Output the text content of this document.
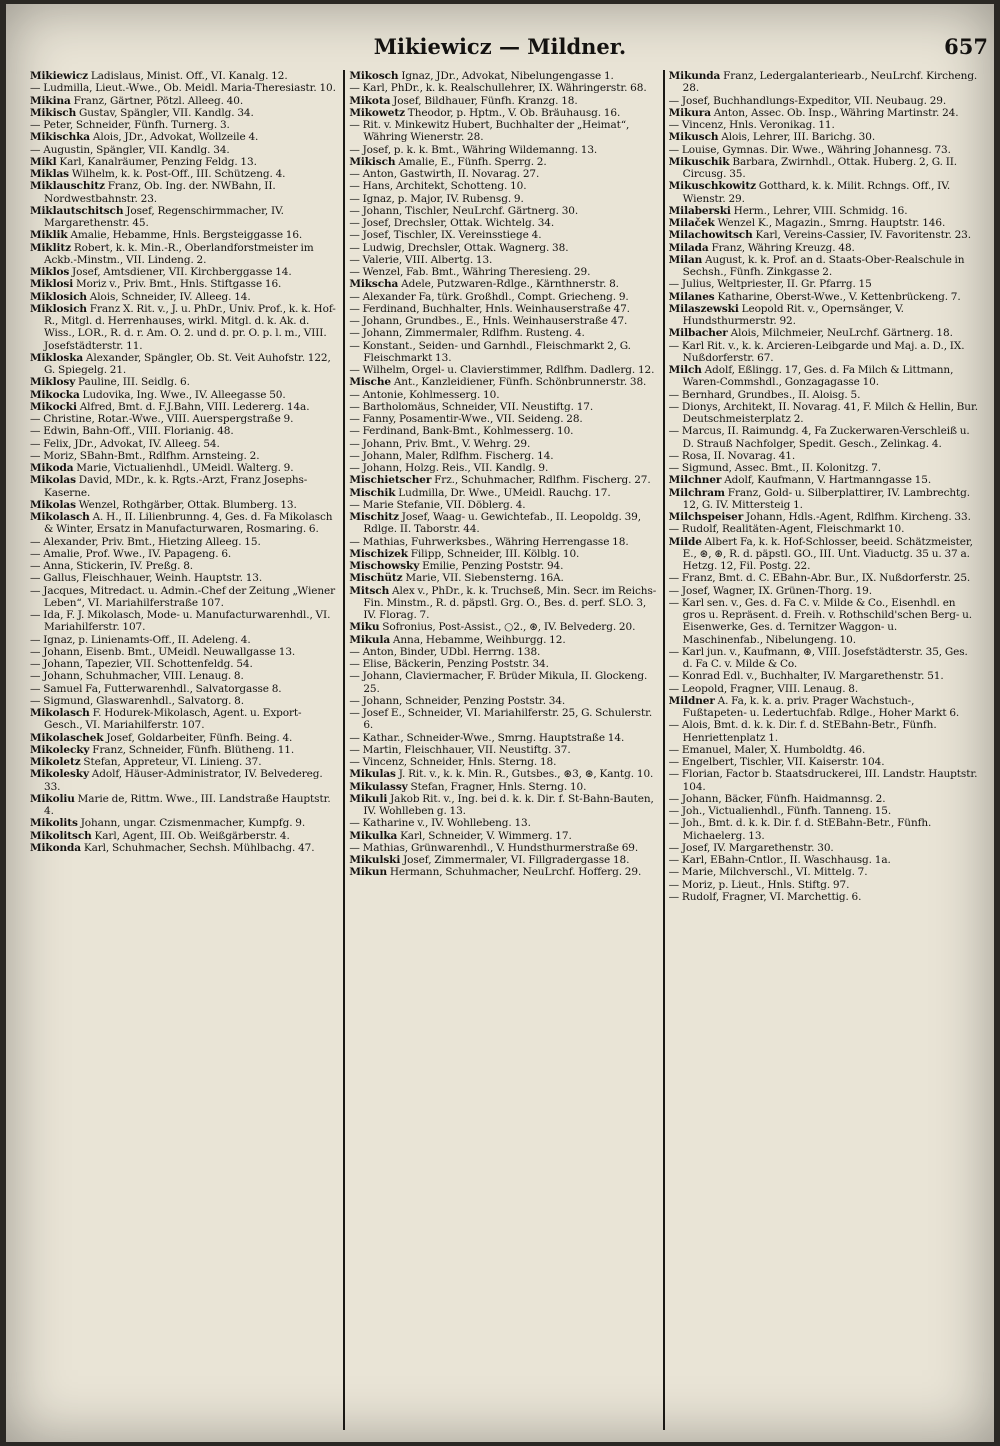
Mikiewicz — Mildner.	657
Mikiewicz Ladislaus, Minist. Off., VI. Kanalg. 12.
— Ludmilla, Lieut.-Wwe., Ob. Meidl. Maria-Theresiastr. 10.
Mikina Franz, Gärtner, Pötzl. Alleeg. 40.
Mikisch Gustav, Spängler, VII. Kandlg. 34.
— Peter, Schneider, Fünfh. Turnerg. 3.
Mikischka Alois, JDr., Advokat, Wollzeile 4.
— Augustin, Spängler, VII. Kandlg. 34.
Mikl Karl, Kanalräumer, Penzing Feldg. 13.
Miklas Wilhelm, k. k. Post-Off., III. Schützeng. 4.
Miklauschitz Franz, Ob. Ing. der. NWBahn, II. Nordwestbahnstr. 23.
Miklautschitsch Josef, Regenschirmmacher, IV. Margarethenstr. 45.
Miklik Amalie, Hebamme, Hnls. Bergsteiggasse 16.
Miklitz Robert, k. k. Min.-R., Oberlandforstmeister im Ackb.-Minstm., VII. Lindeng. 2.
Miklos Josef, Amtsdiener, VII. Kirchberggasse 14.
Miklosi Moriz v., Priv. Bmt., Hnls. Stiftgasse 16.
Miklosich Alois, Schneider, IV. Alleeg. 14.
Miklosich Franz X. Rit. v., J. u. PhDr., Univ. Prof., k. k. Hof-R., Mitgl. d. Herrenhauses, wirkl. Mitgl. d. k. Ak. d. Wiss., LOR., R. d. r. Am. O. 2. und d. pr. O. p. l. m., VIII. Josefstädterstr. 11.
Mikloska Alexander, Spängler, Ob. St. Veit Auhofstr. 122, G. Spiegelg. 21.
Miklosy Pauline, III. Seidlg. 6.
Mikocka Ludovika, Ing. Wwe., IV. Alleegasse 50.
Mikocki Alfred, Bmt. d. F.J.Bahn, VIII. Ledererg. 14a.
— Christine, Rotar.-Wwe., VIII. Auerspergstraße 9.
— Edwin, Bahn-Off., VIII. Florianig. 48.
— Felix, JDr., Advokat, IV. Alleeg. 54.
— Moriz, SBahn-Bmt., Rdlfhm. Arnsteing. 2.
Mikoda Marie, Victualienhdl., UMeidl. Walterg. 9.
Mikolas David, MDr., k. k. Rgts.-Arzt, Franz Josephs-Kaserne.
Mikolas Wenzel, Rothgärber, Ottak. Blumberg. 13.
Mikolasch A. H., II. Lilienbrunng. 4, Ges. d. Fa Mikolasch & Winter, Ersatz in Manufacturwaren, Rosmaring. 6.
— Alexander, Priv. Bmt., Hietzing Alleeg. 15.
— Amalie, Prof. Wwe., IV. Papageng. 6.
— Anna, Stickerin, IV. Preßg. 8.
— Gallus, Fleischhauer, Weinh. Hauptstr. 13.
— Jacques, Mitredact. u. Admin.-Chef der Zeitung „Wiener Leben“, VI. Mariahilferstraße 107.
— Ida, F. J. Mikolasch, Mode- u. Manufacturwarenhdl., VI. Mariahilferstr. 107.
— Ignaz, p. Linienamts-Off., II. Adeleng. 4.
— Johann, Eisenb. Bmt., UMeidl. Neuwallgasse 13.
— Johann, Tapezier, VII. Schottenfeldg. 54.
— Johann, Schuhmacher, VIII. Lenaug. 8.
— Samuel Fa, Futterwarenhdl., Salvatorgasse 8.
— Sigmund, Glaswarenhdl., Salvatorg. 8.
Mikolasch F. Hodurek-Mikolasch, Agent. u. Export-Gesch., VI. Mariahilferstr. 107.
Mikolaschek Josef, Goldarbeiter, Fünfh. Being. 4.
Mikolecky Franz, Schneider, Fünfh. Blütheng. 11.
Mikoletz Stefan, Appreteur, VI. Linieng. 37.
Mikolesky Adolf, Häuser-Administrator, IV. Belvedereg. 33.
Mikoliu Marie de, Rittm. Wwe., III. Landstraße Hauptstr. 4.
Mikolits Johann, ungar. Czismenmacher, Kumpfg. 9.
Mikolitsch Karl, Agent, III. Ob. Weißgärberstr. 4.
Mikonda Karl, Schuhmacher, Sechsh. Mühlbachg. 47.
Mikosch Ignaz, JDr., Advokat, Nibelungengasse 1.
— Karl, PhDr., k. k. Realschullehrer, IX. Währingerstr. 68.
Mikota Josef, Bildhauer, Fünfh. Kranzg. 18.
Mikowetz Theodor, p. Hptm., V. Ob. Bräuhausg. 16.
— Rit. v. Minkewitz Hubert, Buchhalter der „Heimat“, Währing Wienerstr. 28.
— Josef, p. k. k. Bmt., Währing Wildemanng. 13.
Mikisch Amalie, E., Fünfh. Sperrg. 2.
— Anton, Gastwirth, II. Novarag. 27.
— Hans, Architekt, Schotteng. 10.
— Ignaz, p. Major, IV. Rubensg. 9.
— Johann, Tischler, NeuLrchf. Gärtnerg. 30.
— Josef, Drechsler, Ottak. Wichtelg. 34.
— Josef, Tischler, IX. Vereinsstiege 4.
— Ludwig, Drechsler, Ottak. Wagnerg. 38.
— Valerie, VIII. Albertg. 13.
— Wenzel, Fab. Bmt., Währing Theresieng. 29.
Mikscha Adele, Putzwaren-Rdlge., Kärnthnerstr. 8.
— Alexander Fa, türk. Großhdl., Compt. Griecheng. 9.
— Ferdinand, Buchhalter, Hnls. Weinhauserstraße 47.
— Johann, Grundbes., E., Hnls. Weinhauserstraße 47.
— Johann, Zimmermaler, Rdlfhm. Rusteng. 4.
— Konstant., Seiden- und Garnhdl., Fleischmarkt 2, G. Fleischmarkt 13.
— Wilhelm, Orgel- u. Clavierstimmer, Rdlfhm. Dadlerg. 12.
Mische Ant., Kanzleidiener, Fünfh. Schönbrunnerstr. 38.
— Antonie, Kohlmesserg. 10.
— Bartholomäus, Schneider, VII. Neustiftg. 17.
— Fanny, Posamentir-Wwe., VII. Seideng. 28.
— Ferdinand, Bank-Bmt., Kohlmesserg. 10.
— Johann, Priv. Bmt., V. Wehrg. 29.
— Johann, Maler, Rdlfhm. Fischerg. 14.
— Johann, Holzg. Reis., VII. Kandlg. 9.
Mischietscher Frz., Schuhmacher, Rdlfhm. Fischerg. 27.
Mischik Ludmilla, Dr. Wwe., UMeidl. Rauchg. 17.
— Marie Stefanie, VII. Döblerg. 4.
Mischitz Josef, Waag- u. Gewichtefab., II. Leopoldg. 39, Rdlge. II. Taborstr. 44.
— Mathias, Fuhrwerksbes., Währing Herrengasse 18.
Mischizek Filipp, Schneider, III. Kölblg. 10.
Mischowsky Emilie, Penzing Poststr. 94.
Mischütz Marie, VII. Siebensterng. 16A.
Mitsch Alex v., PhDr., k. k. Truchseß, Min. Secr. im Reichs-Fin. Minstm., R. d. päpstl. Grg. O., Bes. d. perf. SLO. 3, IV. Florag. 7.
Miku Sofronius, Post-Assist., ○2., ⊛, IV. Belvederg. 20.
Mikula Anna, Hebamme, Weihburgg. 12.
— Anton, Binder, UDbl. Herrng. 138.
— Elise, Bäckerin, Penzing Poststr. 34.
— Johann, Claviermacher, F. Brüder Mikula, II. Glockeng. 25.
— Johann, Schneider, Penzing Poststr. 34.
— Josef E., Schneider, VI. Mariahilferstr. 25, G. Schulerstr. 6.
— Kathar., Schneider-Wwe., Smrng. Hauptstraße 14.
— Martin, Fleischhauer, VII. Neustiftg. 37.
— Vincenz, Schneider, Hnls. Sterng. 18.
Mikulas J. Rit. v., k. k. Min. R., Gutsbes., ⊛3, ⊛, Kantg. 10.
Mikulassy Stefan, Fragner, Hnls. Sterng. 10.
Mikuli Jakob Rit. v., Ing. bei d. k. k. Dir. f. St-Bahn-Bauten, IV. Wohlleben g. 13.
— Katharine v., IV. Wohllebeng. 13.
Mikulka Karl, Schneider, V. Wimmerg. 17.
— Mathias, Grünwarenhdl., V. Hundsthurmerstraße 69.
Mikulski Josef, Zimmermaler, VI. Fillgradergasse 18.
Mikun Hermann, Schuhmacher, NeuLrchf. Hofferg. 29.
Mikunda Franz, Ledergalanteriearb., NeuLrchf. Kircheng. 28.
— Josef, Buchhandlungs-Expeditor, VII. Neubaug. 29.
Mikura Anton, Assec. Ob. Insp., Währing Martinstr. 24.
— Vincenz, Hnls. Veronikag. 11.
Mikusch Alois, Lehrer, III. Barichg. 30.
— Louise, Gymnas. Dir. Wwe., Währing Johannesg. 73.
Mikuschik Barbara, Zwirnhdl., Ottak. Huberg. 2, G. II. Circusg. 35.
Mikuschkowitz Gotthard, k. k. Milit. Rchngs. Off., IV. Wienstr. 29.
Milaberski Herm., Lehrer, VIII. Schmidg. 16.
Milaček Wenzel K., Magazin., Smrng. Hauptstr. 146.
Milachowitsch Karl, Vereins-Cassier, IV. Favoritenstr. 23.
Milada Franz, Währing Kreuzg. 48.
Milan August, k. k. Prof. an d. Staats-Ober-Realschule in Sechsh., Fünfh. Zinkgasse 2.
— Julius, Weltpriester, II. Gr. Pfarrg. 15
Milanes Katharine, Oberst-Wwe., V. Kettenbrückeng. 7.
Milaszewski Leopold Rit. v., Opernsänger, V. Hundsthurmerstr. 92.
Milbacher Alois, Milchmeier, NeuLrchf. Gärtnerg. 18.
— Karl Rit. v., k. k. Arcieren-Leibgarde und Maj. a. D., IX. Nußdorferstr. 67.
Milch Adolf, Eßlingg. 17, Ges. d. Fa Milch & Littmann, Waren-Commshdl., Gonzagagasse 10.
— Bernhard, Grundbes., II. Aloisg. 5.
— Dionys, Architekt, II. Novarag. 41, F. Milch & Hellin, Bur. Deutschmeisterplatz 2.
— Marcus, II. Raimundg. 4, Fa Zuckerwaren-Verschleiß u. D. Strauß Nachfolger, Spedit. Gesch., Zelinkag. 4.
— Rosa, II. Novarag. 41.
— Sigmund, Assec. Bmt., II. Kolonitzg. 7.
Milchner Adolf, Kaufmann, V. Hartmanngasse 15.
Milchram Franz, Gold- u. Silberplattirer, IV. Lambrechtg. 12, G. IV. Mittersteig 1.
Milchspeiser Johann, Hdls.-Agent, Rdlfhm. Kircheng. 33.
— Rudolf, Realitäten-Agent, Fleischmarkt 10.
Milde Albert Fa, k. k. Hof-Schlosser, beeid. Schätzmeister, E., ⊛, ⊛, R. d. päpstl. GO., III. Unt. Viaductg. 35 u. 37 a. Hetzg. 12, Fil. Postg. 22.
— Franz, Bmt. d. C. EBahn-Abr. Bur., IX. Nußdorferstr. 25.
— Josef, Wagner, IX. Grünen-Thorg. 19.
— Karl sen. v., Ges. d. Fa C. v. Milde & Co., Eisenhdl. en gros u. Repräsent. d. Freih. v. Rothschild'schen Berg- u. Eisenwerke, Ges. d. Ternitzer Waggon- u. Maschinenfab., Nibelungeng. 10.
— Karl jun. v., Kaufmann, ⊛, VIII. Josefstädterstr. 35, Ges. d. Fa C. v. Milde & Co.
— Konrad Edl. v., Buchhalter, IV. Margarethenstr. 51.
— Leopold, Fragner, VIII. Lenaug. 8.
Mildner A. Fa, k. k. a. priv. Prager Wachstuch-, Fußtapeten- u. Ledertuchfab. Rdlge., Hoher Markt 6.
— Alois, Bmt. d. k. k. Dir. f. d. StEBahn-Betr., Fünfh. Henriettenplatz 1.
— Emanuel, Maler, X. Humboldtg. 46.
— Engelbert, Tischler, VII. Kaiserstr. 104.
— Florian, Factor b. Staatsdruckerei, III. Landstr. Hauptstr. 104.
— Johann, Bäcker, Fünfh. Haidmannsg. 2.
— Joh., Victualienhdl., Fünfh. Tanneng. 15.
— Joh., Bmt. d. k. k. Dir. f. d. StEBahn-Betr., Fünfh. Michaelerg. 13.
— Josef, IV. Margarethenstr. 30.
— Karl, EBahn-Cntlor., II. Waschhausg. 1a.
— Marie, Milchverschl., VI. Mittelg. 7.
— Moriz, p. Lieut., Hnls. Stiftg. 97.
— Rudolf, Fragner, VI. Marchettig. 6.
